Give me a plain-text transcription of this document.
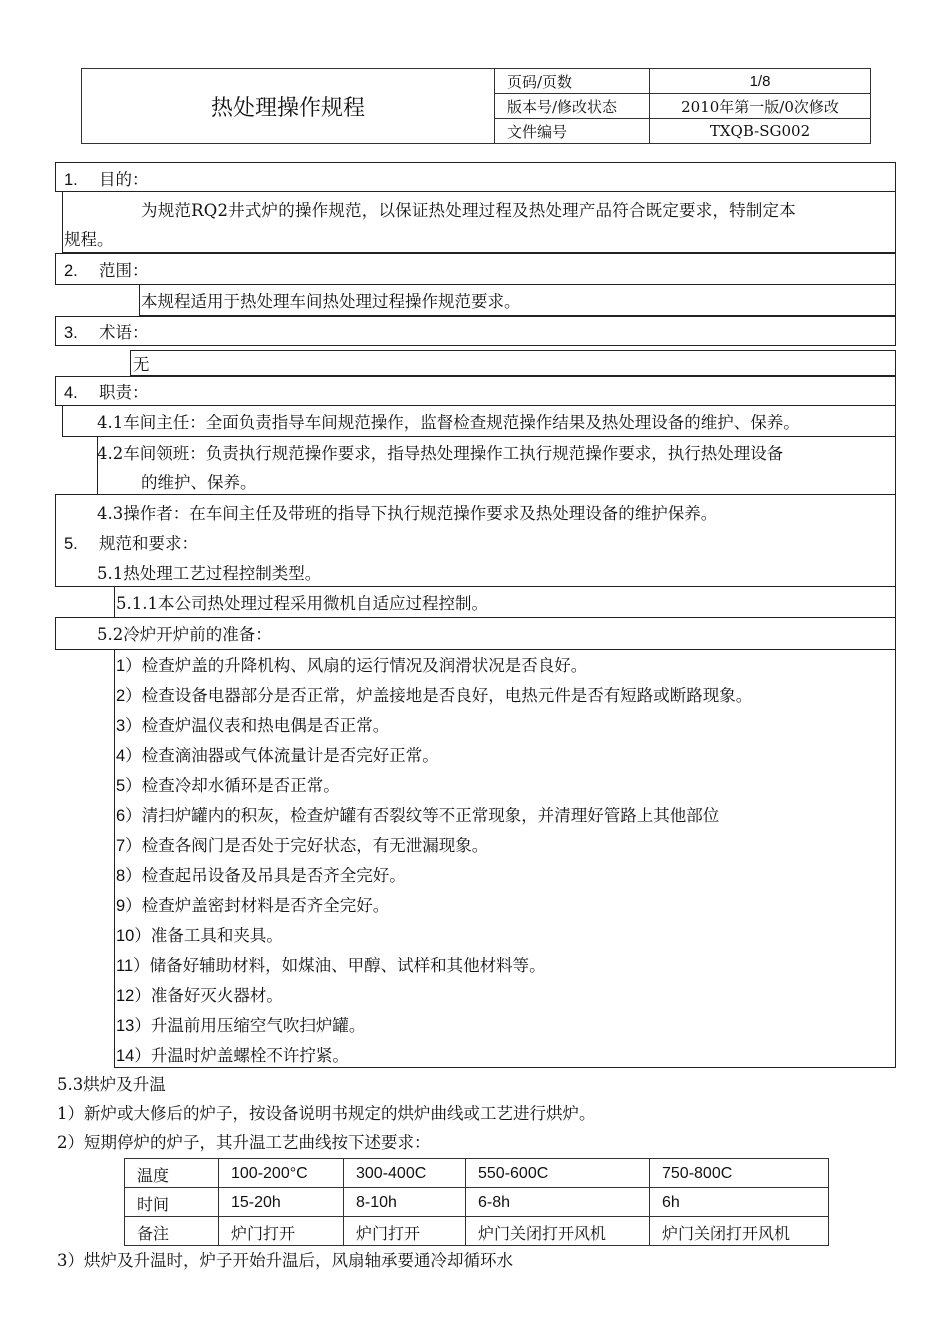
热处理操作规程	页码/页数	1/8
	版本号/修改状态	2010年第一版/0次修改
	文件编号	TXQB-SG002
1. 目的：
为规范RQ2井式炉的操作规范，以保证热处理过程及热处理产品符合既定要求，特制定本
规程。
2. 范围：
本规程适用于热处理车间热处理过程操作规范要求。
3. 术语：
无
4. 职责：
4.1车间主任：全面负责指导车间规范操作，监督检查规范操作结果及热处理设备的维护、保养。
4.2车间领班：负责执行规范操作要求，指导热处理操作工执行规范操作要求，执行热处理设备
的维护、保养。
4.3操作者：在车间主任及带班的指导下执行规范操作要求及热处理设备的维护保养。
5. 规范和要求：
5.1热处理工艺过程控制类型。
5.1.1本公司热处理过程采用微机自适应过程控制。
5.2冷炉开炉前的准备：
1）检查炉盖的升降机构、风扇的运行情况及润滑状况是否良好。
2）检查设备电器部分是否正常，炉盖接地是否良好，电热元件是否有短路或断路现象。
3）检查炉温仪表和热电偶是否正常。
4）检查滴油器或气体流量计是否完好正常。
5）检查冷却水循环是否正常。
6）清扫炉罐内的积灰，检查炉罐有否裂纹等不正常现象，并清理好管路上其他部位
7）检查各阀门是否处于完好状态，有无泄漏现象。
8）检查起吊设备及吊具是否齐全完好。
9）检查炉盖密封材料是否齐全完好。
10）准备工具和夹具。
11）储备好辅助材料，如煤油、甲醇、试样和其他材料等。
12）准备好灭火器材。
13）升温前用压缩空气吹扫炉罐。
14）升温时炉盖螺栓不许拧紧。
5.3烘炉及升温
1）新炉或大修后的炉子，按设备说明书规定的烘炉曲线或工艺进行烘炉。
2）短期停炉的炉子，其升温工艺曲线按下述要求：
温度	100-200°C	300-400C	550-600C	750-800C
时间	15-20h	8-10h	6-8h	6h
备注	炉门打开	炉门打开	炉门关闭打开风机	炉门关闭打开风机
3）烘炉及升温时，炉子开始升温后，风扇轴承要通冷却循环水
